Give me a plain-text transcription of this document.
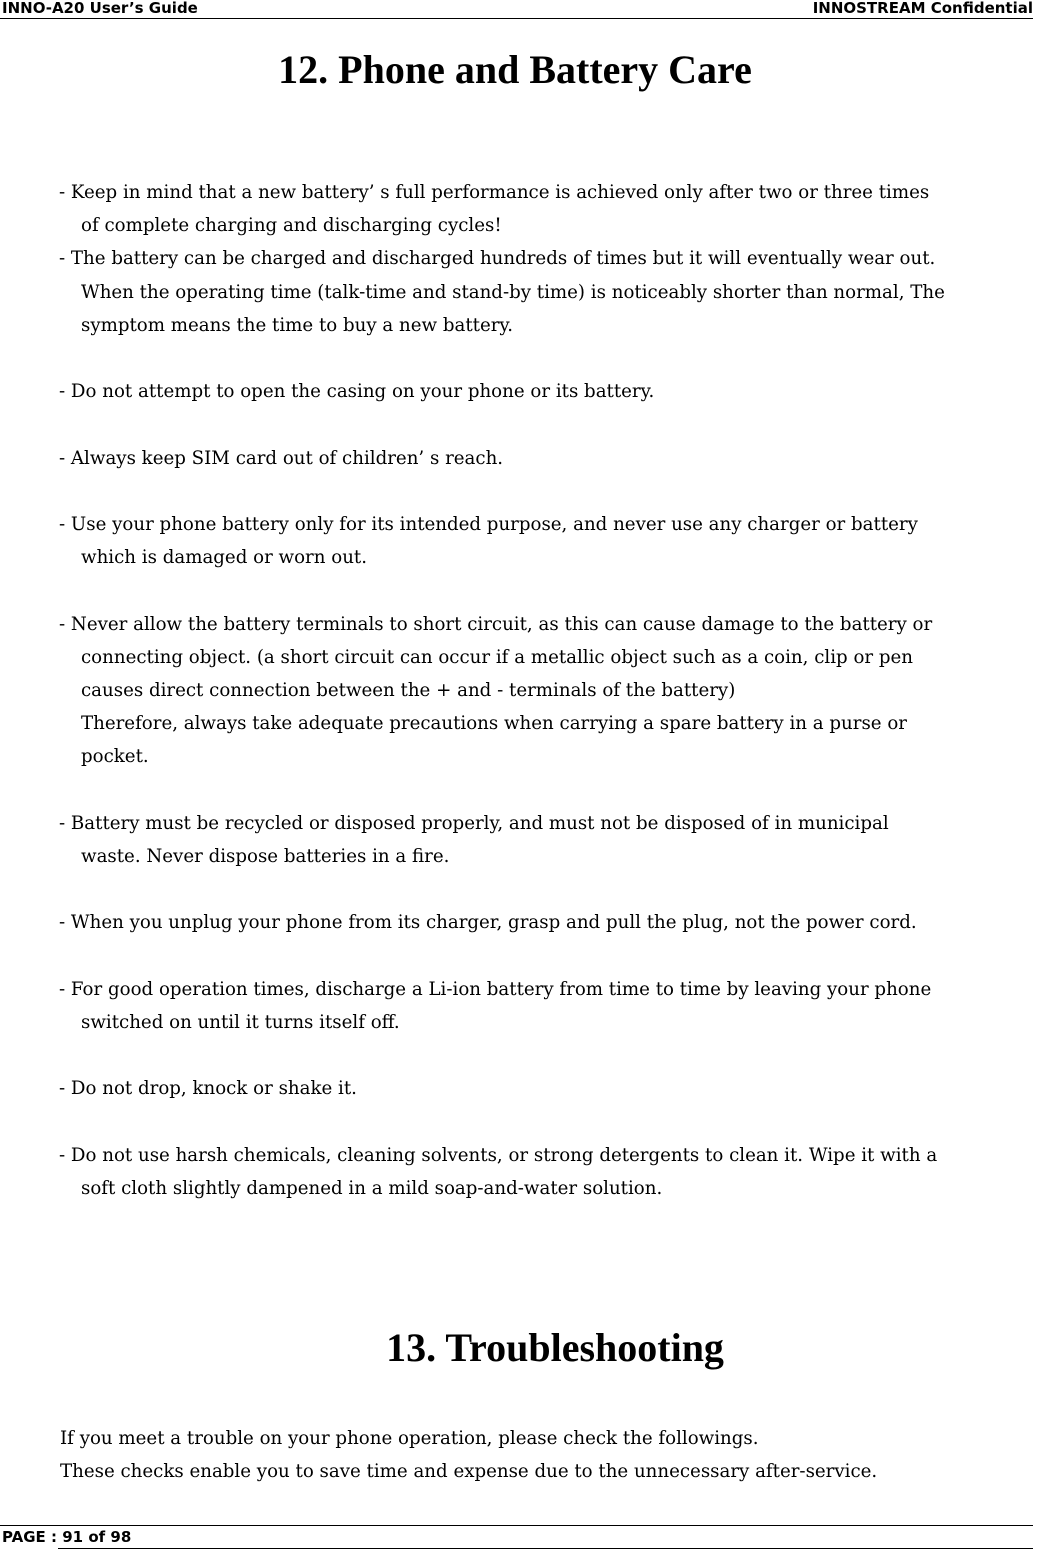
INNO-A20 User’s Guide	INNOSTREAM Confidential
12. Phone and Battery Care
- Keep in mind that a new battery’ s full performance is achieved only after two or three times
of complete charging and discharging cycles!
- The battery can be charged and discharged hundreds of times but it will eventually wear out.
When the operating time (talk-time and stand-by time) is noticeably shorter than normal, The
symptom means the time to buy a new battery.
- Do not attempt to open the casing on your phone or its battery.
- Always keep SIM card out of children’ s reach.
- Use your phone battery only for its intended purpose, and never use any charger or battery
which is damaged or worn out.
- Never allow the battery terminals to short circuit, as this can cause damage to the battery or
connecting object. (a short circuit can occur if a metallic object such as a coin, clip or pen
causes direct connection between the + and - terminals of the battery)
Therefore, always take adequate precautions when carrying a spare battery in a purse or
pocket.
- Battery must be recycled or disposed properly, and must not be disposed of in municipal
waste. Never dispose batteries in a fire.
- When you unplug your phone from its charger, grasp and pull the plug, not the power cord.
- For good operation times, discharge a Li-ion battery from time to time by leaving your phone
switched on until it turns itself off.
- Do not drop, knock or shake it.
- Do not use harsh chemicals, cleaning solvents, or strong detergents to clean it. Wipe it with a
soft cloth slightly dampened in a mild soap-and-water solution.
13. Troubleshooting

If you meet a trouble on your phone operation, please check the followings.

These checks enable you to save time and expense due to the unnecessary after-service.

PAGE : 91 of 98
